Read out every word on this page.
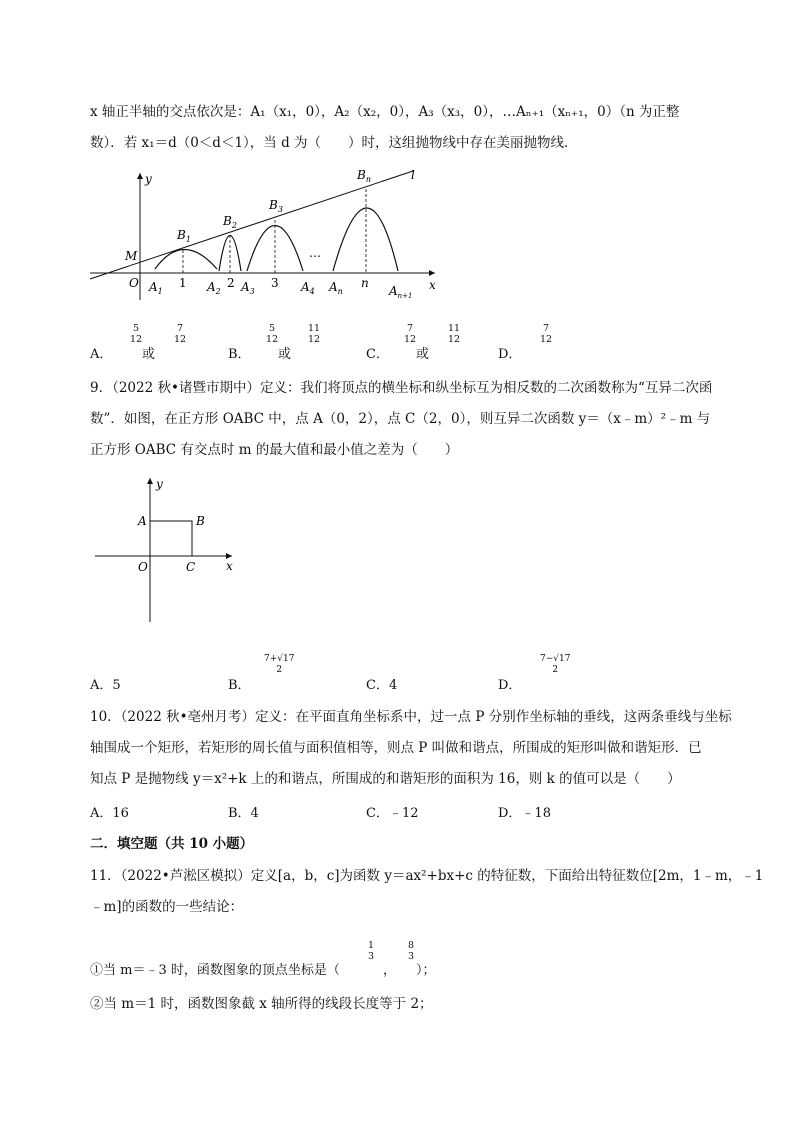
x 轴正半轴的交点依次是：A₁（x₁，0），A₂（x₂，0），A₃（x₃，0），…Aₙ₊₁（xₙ₊₁，0）（n 为正整
数）．若 x₁＝d（0＜d＜1），当 d 为（　　）时，这组抛物线中存在美丽抛物线．
y
x
O
M
l
$B_1$
$B_2$
$B_3$
$B_n$
…
$A_1$
1 $A_2$
2 $A_3$
3 $A_4$ $A_n$
n
$A_{n+1}$
A．
5
12
或
7
12
B．
5
12
或
11
12
C．
7
12
或
11
12
D．
7
12
9．（2022 秋•诸暨市期中）定义：我们将顶点的横坐标和纵坐标互为相反数的二次函数称为“互异二次函
数”．如图，在正方形 OABC 中，点 A（0，2），点 C（2，0），则互异二次函数 y＝（x﹣m）²﹣m 与
正方形 OABC 有交点时 m 的最大值和最小值之差为（　　）
y
x
O
A	B
C
A．5	B．
7+√17
2
C．4	D．
7−√17
2
10．（2022 秋•亳州月考）定义：在平面直角坐标系中，过一点 P 分别作坐标轴的垂线，这两条垂线与坐标
轴围成一个矩形，若矩形的周长值与面积值相等，则点 P 叫做和谐点，所围成的矩形叫做和谐矩形．已
知点 P 是抛物线 y＝x²+k 上的和谐点，所围成的和谐矩形的面积为 16，则 k 的值可以是（　　）
A．16	B．4	C．﹣12	D．﹣18
二．填空题（共 10 小题）
11．（2022•芦淞区模拟）定义[a，b，c]为函数 y＝ax²+bx+c 的特征数，下面给出特征数位[2m，1﹣m，﹣1
﹣m]的函数的一些结论：
①当 m＝﹣3 时，函数图象的顶点坐标是（
1
3
，
8
3
）；
②当 m＝1 时，函数图象截 x 轴所得的线段长度等于 2；
